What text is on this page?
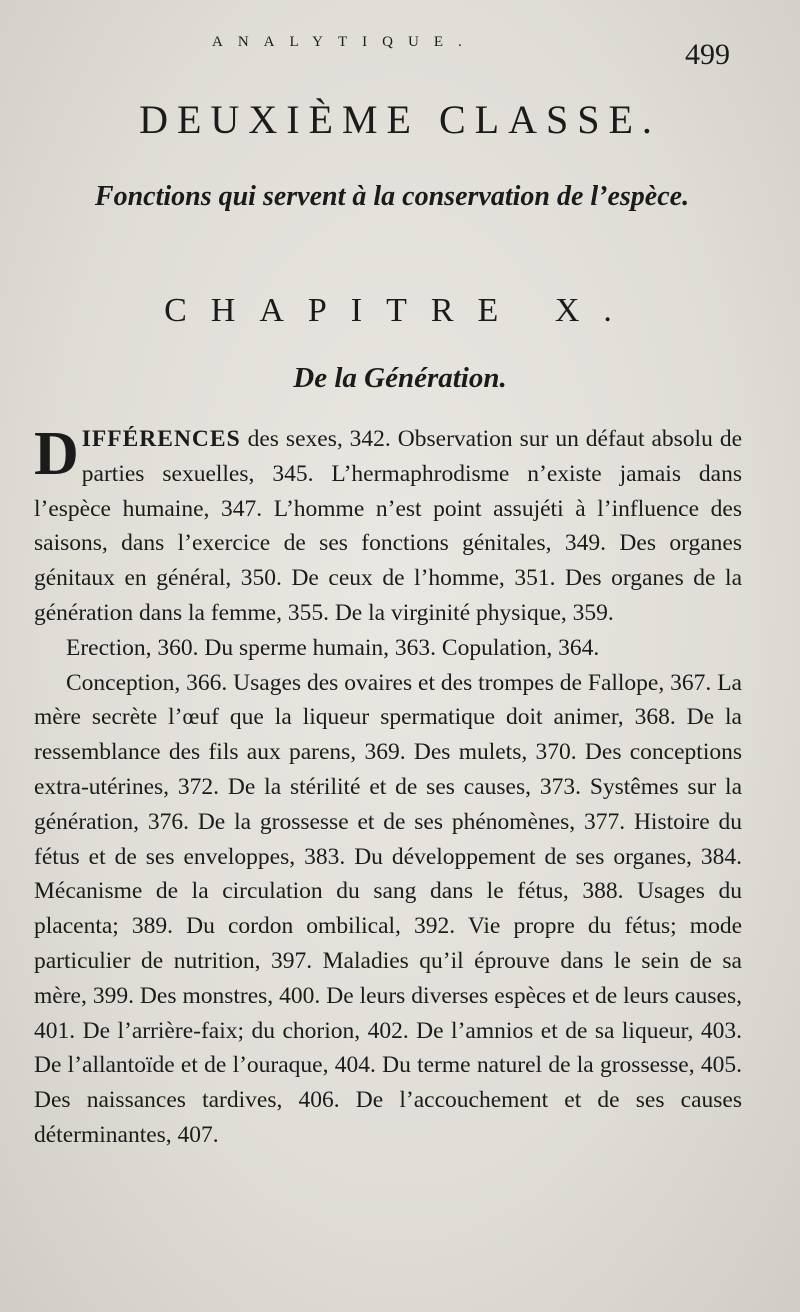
ANALYTIQUE.	499
DEUXIÈME CLASSE.
Fonctions qui servent à la conservation de l’espèce.
CHAPITRE X.
De la Génération.

DIFFÉRENCES des sexes, 342. Observation sur un défaut absolu de parties sexuelles, 345. L’hermaphrodisme n’existe jamais dans l’espèce humaine, 347. L’homme n’est point assujéti à l’influence des saisons, dans l’exercice de ses fonctions génitales, 349. Des organes génitaux en général, 350. De ceux de l’homme, 351. Des organes de la génération dans la femme, 355. De la virginité physique, 359.

Erection, 360. Du sperme humain, 363. Copulation, 364.

Conception, 366. Usages des ovaires et des trompes de Fallope, 367. La mère secrète l’œuf que la liqueur spermatique doit animer, 368. De la ressemblance des fils aux parens, 369. Des mulets, 370. Des conceptions extra-utérines, 372. De la stérilité et de ses causes, 373. Systêmes sur la génération, 376. De la grossesse et de ses phénomènes, 377. Histoire du fétus et de ses enveloppes, 383. Du développement de ses organes, 384. Mécanisme de la circulation du sang dans le fétus, 388. Usages du placenta; 389. Du cordon ombilical, 392. Vie propre du fétus; mode particulier de nutrition, 397. Maladies qu’il éprouve dans le sein de sa mère, 399. Des monstres, 400. De leurs diverses espèces et de leurs causes, 401. De l’arrière-faix; du chorion, 402. De l’amnios et de sa liqueur, 403. De l’allantoïde et de l’ouraque, 404. Du terme naturel de la grossesse, 405. Des naissances tardives, 406. De l’accouchement et de ses causes déterminantes, 407.
